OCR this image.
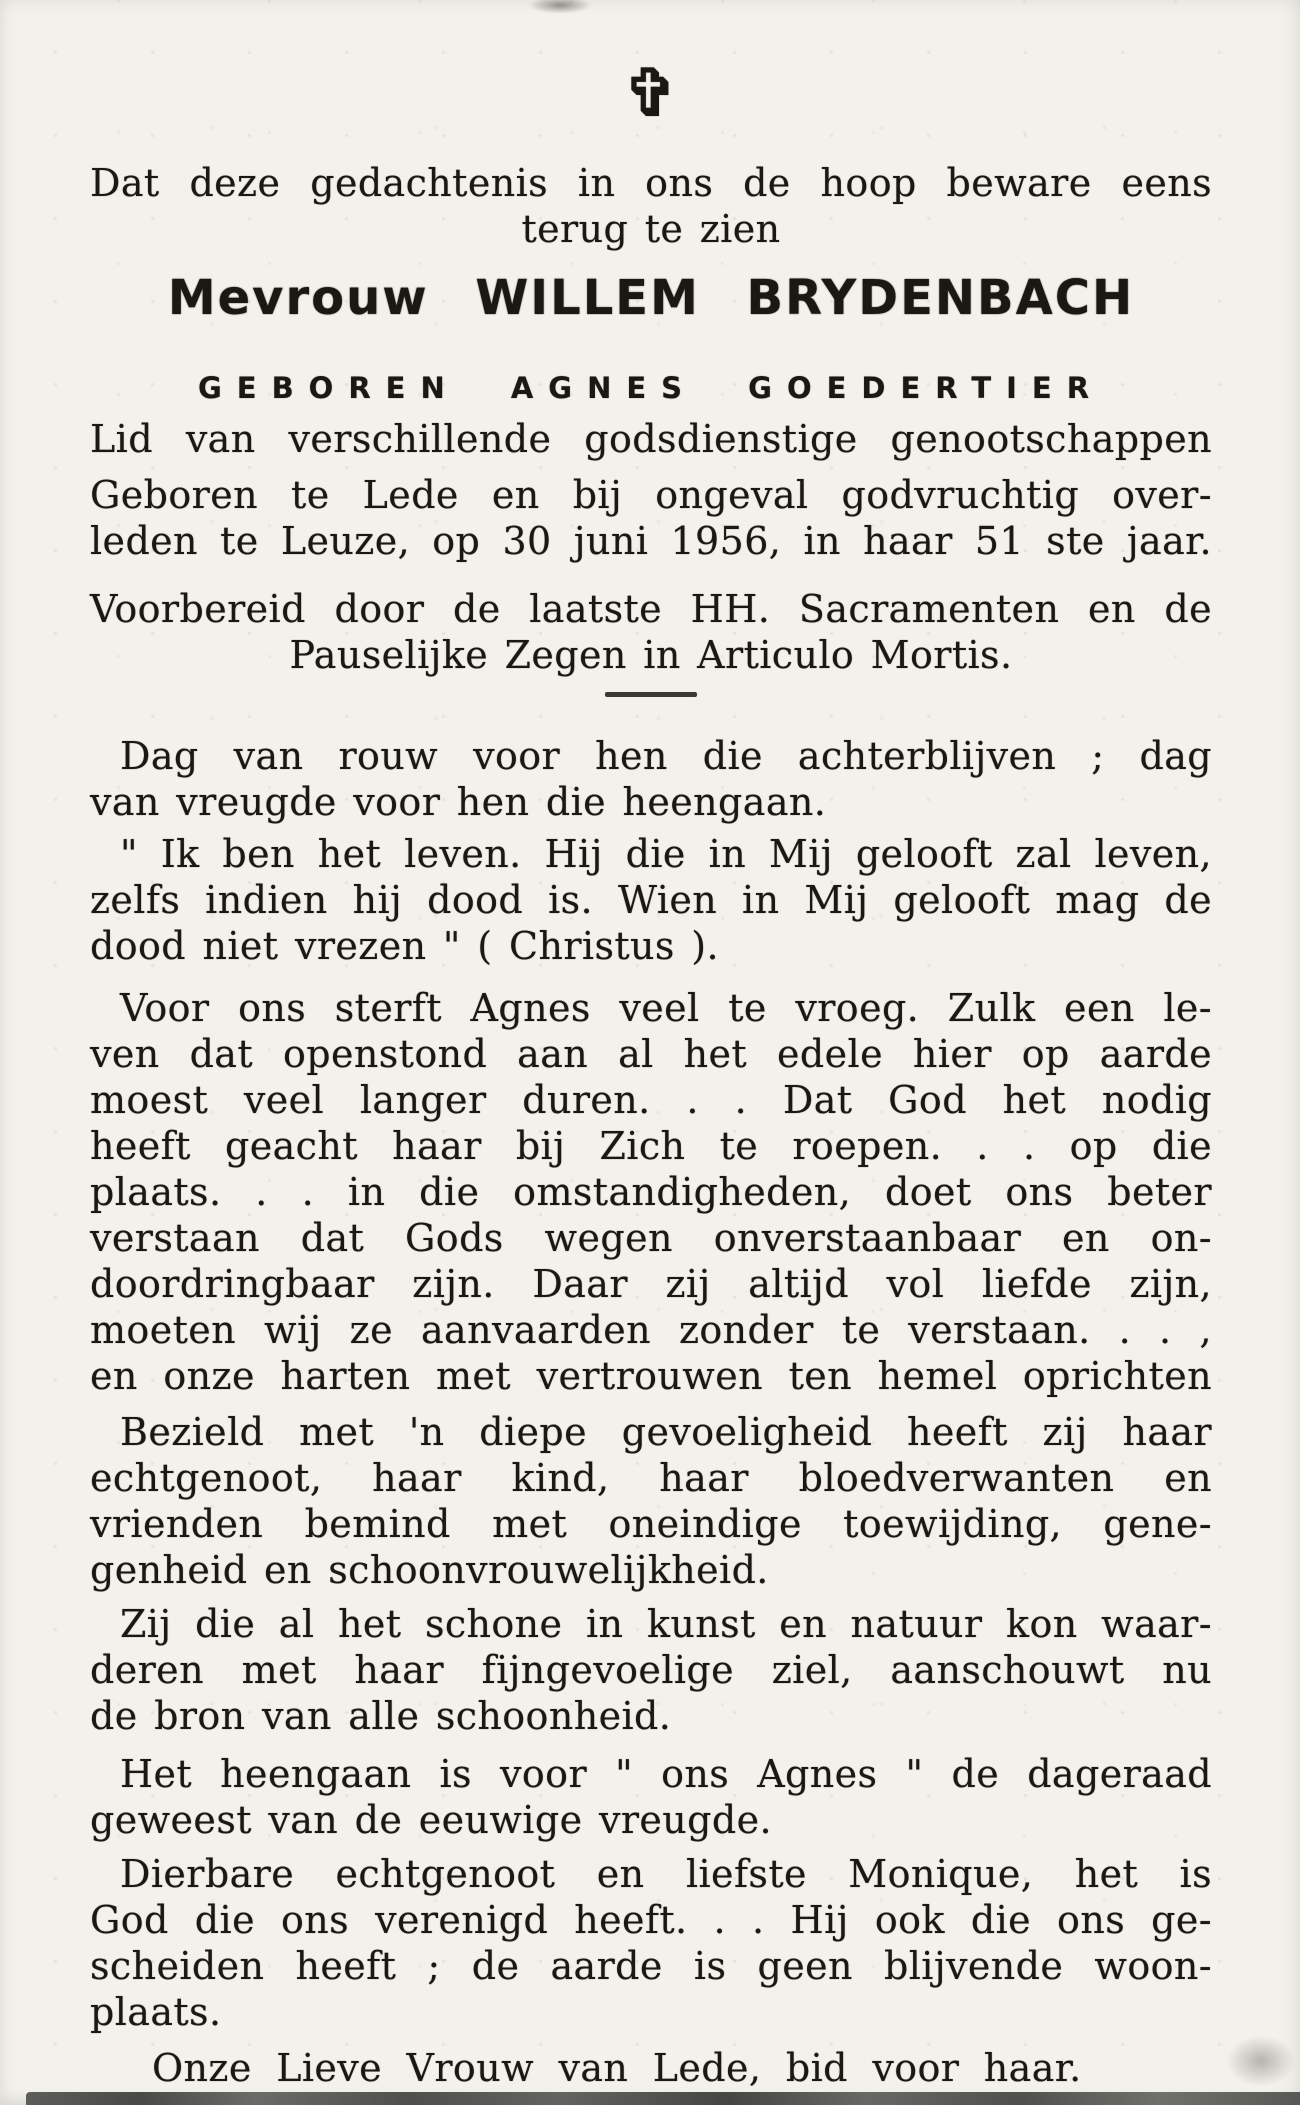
✞
Dat deze gedachtenis in ons de hoop beware eens
terug te zien
Mevrouw WILLEM BRYDENBACH
GEBOREN AGNES GOEDERTIER
Lid van verschillende godsdienstige genootschappen
Geboren te Lede en bij ongeval godvruchtig over-
leden te Leuze, op 30 juni 1956, in haar 51 ste jaar.
Voorbereid door de laatste HH. Sacramenten en de
Pauselijke Zegen in Articulo Mortis.
Dag van rouw voor hen die achterblijven ; dag
van vreugde voor hen die heengaan.
" Ik ben het leven. Hij die in Mij gelooft zal leven,
zelfs indien hij dood is. Wien in Mij gelooft mag de
dood niet vrezen " ( Christus ).
Voor ons sterft Agnes veel te vroeg. Zulk een le-
ven dat openstond aan al het edele hier op aarde
moest veel langer duren. . . Dat God het nodig
heeft geacht haar bij Zich te roepen. . . op die
plaats. . . in die omstandigheden, doet ons beter
verstaan dat Gods wegen onverstaanbaar en on-
doordringbaar zijn. Daar zij altijd vol liefde zijn,
moeten wij ze aanvaarden zonder te verstaan. . . ,
en onze harten met vertrouwen ten hemel oprichten
Bezield met 'n diepe gevoeligheid heeft zij haar
echtgenoot, haar kind, haar bloedverwanten en
vrienden bemind met oneindige toewijding, gene-
genheid en schoonvrouwelijkheid.
Zij die al het schone in kunst en natuur kon waar-
deren met haar fijngevoelige ziel, aanschouwt nu
de bron van alle schoonheid.
Het heengaan is voor " ons Agnes " de dageraad
geweest van de eeuwige vreugde.
Dierbare echtgenoot en liefste Monique, het is
God die ons verenigd heeft. . . Hij ook die ons ge-
scheiden heeft ; de aarde is geen blijvende woon-
plaats.
Onze Lieve Vrouw van Lede, bid voor haar.
